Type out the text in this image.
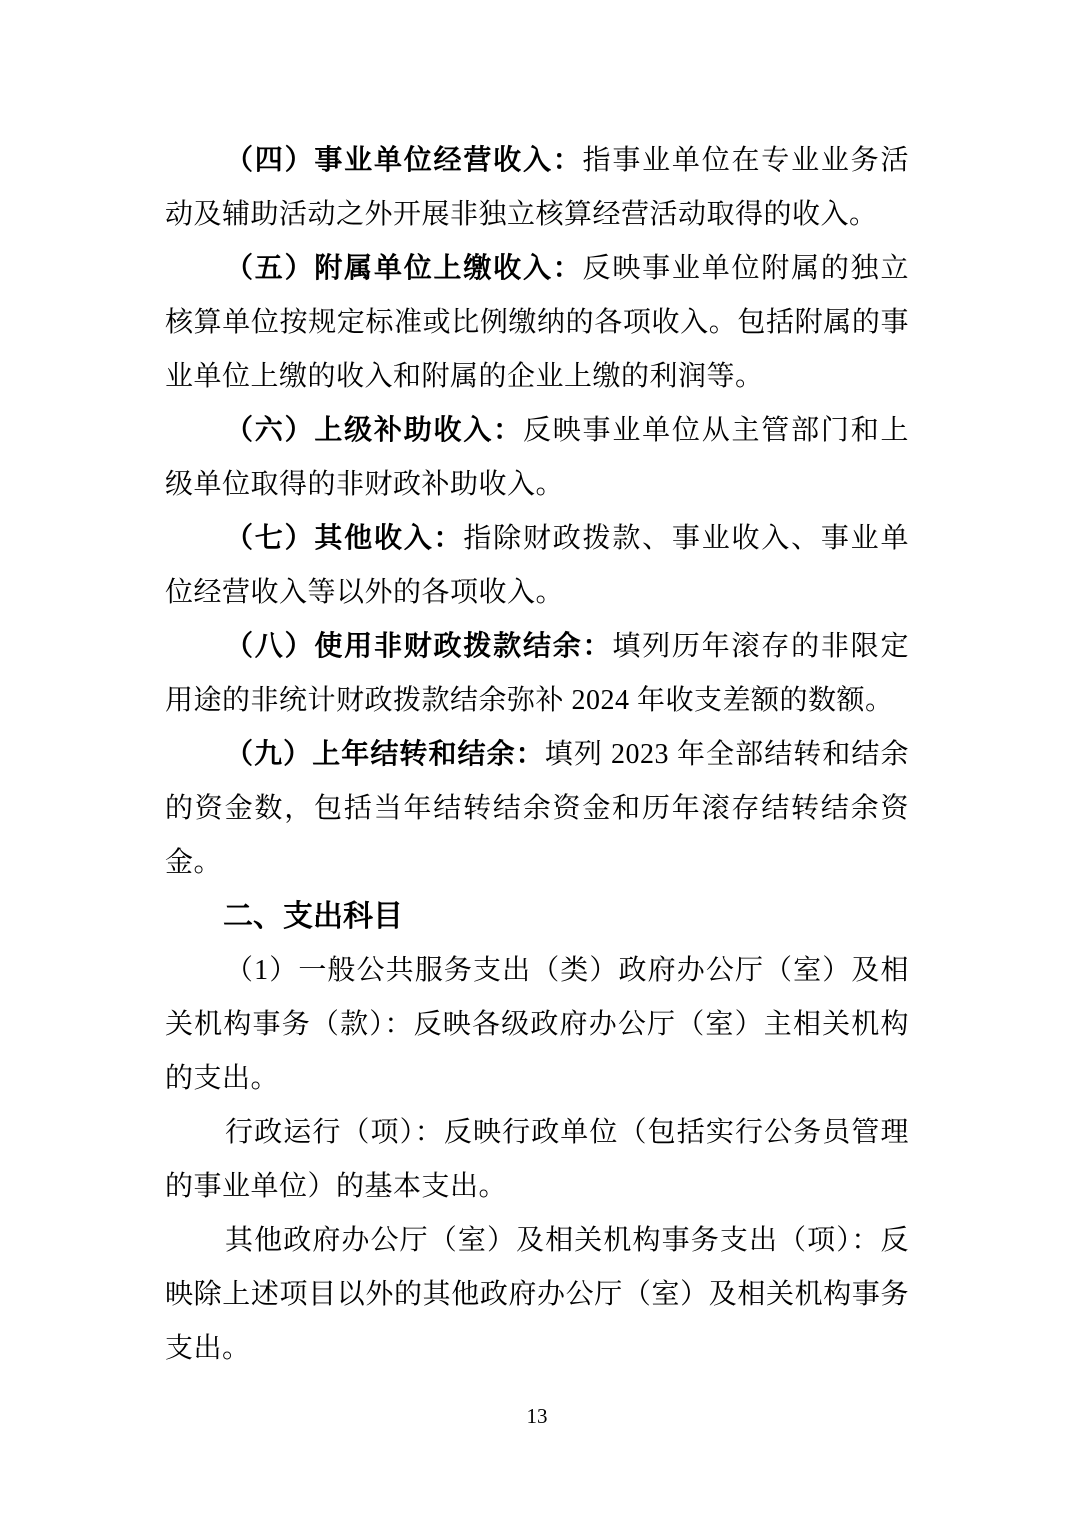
（四）事业单位经营收入：指事业单位在专业业务活动及辅助活动之外开展非独立核算经营活动取得的收入。

（五）附属单位上缴收入：反映事业单位附属的独立核算单位按规定标准或比例缴纳的各项收入。包括附属的事业单位上缴的收入和附属的企业上缴的利润等。

（六）上级补助收入：反映事业单位从主管部门和上级单位取得的非财政补助收入。

（七）其他收入：指除财政拨款、事业收入、事业单位经营收入等以外的各项收入。

（八）使用非财政拨款结余：填列历年滚存的非限定用途的非统计财政拨款结余弥补 2024 年收支差额的数额。

（九）上年结转和结余：填列 2023 年全部结转和结余的资金数，包括当年结转结余资金和历年滚存结转结余资金。

二、支出科目

（1）一般公共服务支出（类）政府办公厅（室）及相关机构事务（款）：反映各级政府办公厅（室）主相关机构的支出。

行政运行（项）：反映行政单位（包括实行公务员管理的事业单位）的基本支出。

其他政府办公厅（室）及相关机构事务支出（项）：反映除上述项目以外的其他政府办公厅（室）及相关机构事务支出。

13
